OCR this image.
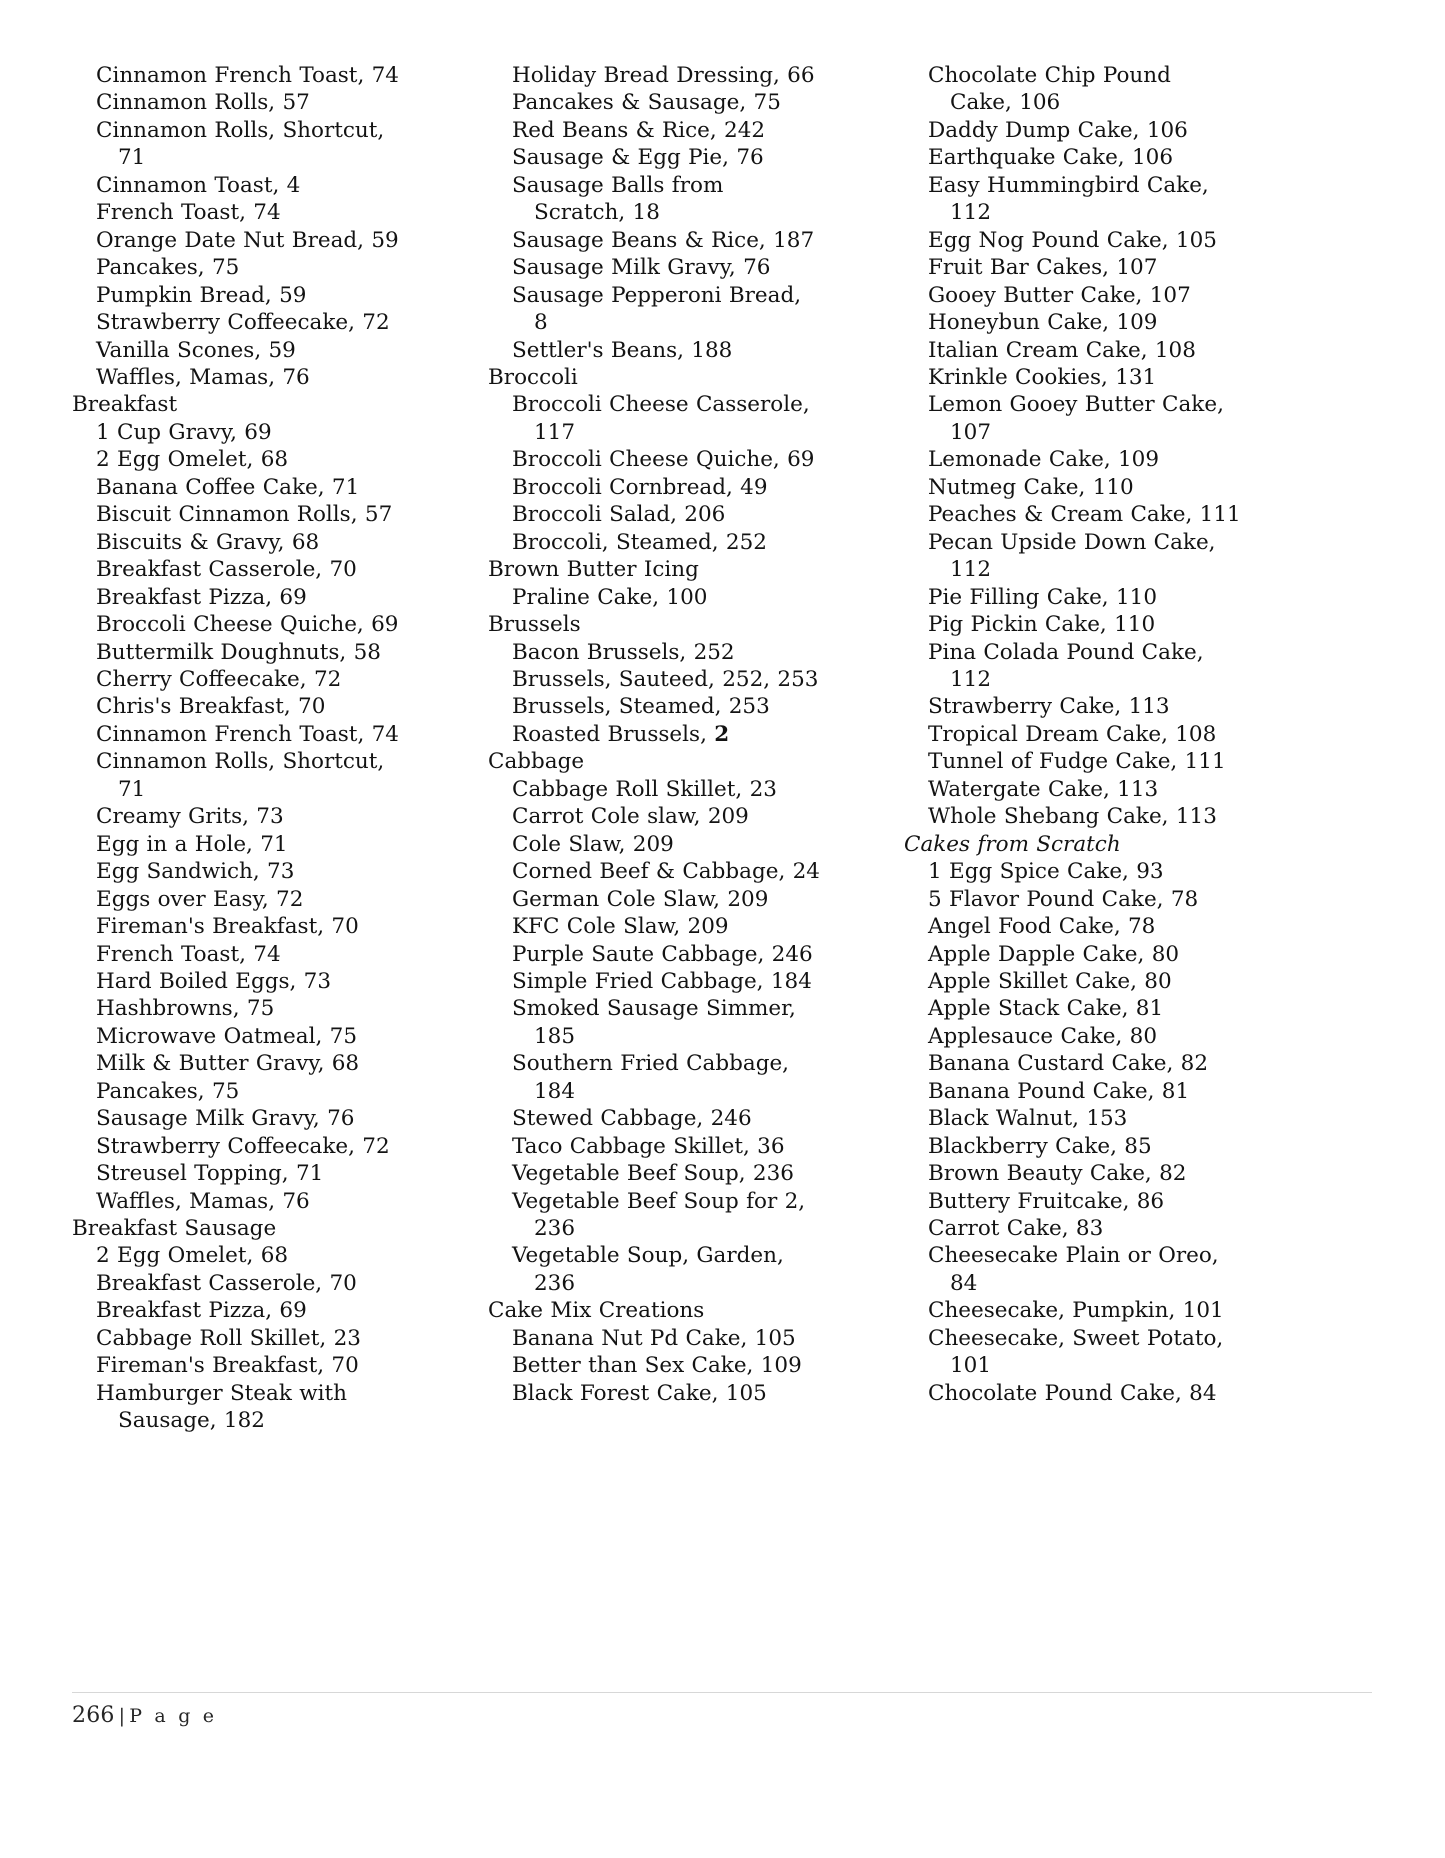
Cinnamon French Toast, 74
Cinnamon Rolls, 57
Cinnamon Rolls, Shortcut,
71
Cinnamon Toast, 4
French Toast, 74
Orange Date Nut Bread, 59
Pancakes, 75
Pumpkin Bread, 59
Strawberry Coffeecake, 72
Vanilla Scones, 59
Waffles, Mamas, 76
Breakfast
1 Cup Gravy, 69
2 Egg Omelet, 68
Banana Coffee Cake, 71
Biscuit Cinnamon Rolls, 57
Biscuits & Gravy, 68
Breakfast Casserole, 70
Breakfast Pizza, 69
Broccoli Cheese Quiche, 69
Buttermilk Doughnuts, 58
Cherry Coffeecake, 72
Chris's Breakfast, 70
Cinnamon French Toast, 74
Cinnamon Rolls, Shortcut,
71
Creamy Grits, 73
Egg in a Hole, 71
Egg Sandwich, 73
Eggs over Easy, 72
Fireman's Breakfast, 70
French Toast, 74
Hard Boiled Eggs, 73
Hashbrowns, 75
Microwave Oatmeal, 75
Milk & Butter Gravy, 68
Pancakes, 75
Sausage Milk Gravy, 76
Strawberry Coffeecake, 72
Streusel Topping, 71
Waffles, Mamas, 76
Breakfast Sausage
2 Egg Omelet, 68
Breakfast Casserole, 70
Breakfast Pizza, 69
Cabbage Roll Skillet, 23
Fireman's Breakfast, 70
Hamburger Steak with
Sausage, 182
Holiday Bread Dressing, 66
Pancakes & Sausage, 75
Red Beans & Rice, 242
Sausage & Egg Pie, 76
Sausage Balls from
Scratch, 18
Sausage Beans & Rice, 187
Sausage Milk Gravy, 76
Sausage Pepperoni Bread,
8
Settler's Beans, 188
Broccoli
Broccoli Cheese Casserole,
117
Broccoli Cheese Quiche, 69
Broccoli Cornbread, 49
Broccoli Salad, 206
Broccoli, Steamed, 252
Brown Butter Icing
Praline Cake, 100
Brussels
Bacon Brussels, 252
Brussels, Sauteed, 252, 253
Brussels, Steamed, 253
Roasted Brussels, 2
Cabbage
Cabbage Roll Skillet, 23
Carrot Cole slaw, 209
Cole Slaw, 209
Corned Beef & Cabbage, 24
German Cole Slaw, 209
KFC Cole Slaw, 209
Purple Saute Cabbage, 246
Simple Fried Cabbage, 184
Smoked Sausage Simmer,
185
Southern Fried Cabbage,
184
Stewed Cabbage, 246
Taco Cabbage Skillet, 36
Vegetable Beef Soup, 236
Vegetable Beef Soup for 2,
236
Vegetable Soup, Garden,
236
Cake Mix Creations
Banana Nut Pd Cake, 105
Better than Sex Cake, 109
Black Forest Cake, 105
Chocolate Chip Pound
Cake, 106
Daddy Dump Cake, 106
Earthquake Cake, 106
Easy Hummingbird Cake,
112
Egg Nog Pound Cake, 105
Fruit Bar Cakes, 107
Gooey Butter Cake, 107
Honeybun Cake, 109
Italian Cream Cake, 108
Krinkle Cookies, 131
Lemon Gooey Butter Cake,
107
Lemonade Cake, 109
Nutmeg Cake, 110
Peaches & Cream Cake, 111
Pecan Upside Down Cake,
112
Pie Filling Cake, 110
Pig Pickin Cake, 110
Pina Colada Pound Cake,
112
Strawberry Cake, 113
Tropical Dream Cake, 108
Tunnel of Fudge Cake, 111
Watergate Cake, 113
Whole Shebang Cake, 113
Cakes from Scratch
1 Egg Spice Cake, 93
5 Flavor Pound Cake, 78
Angel Food Cake, 78
Apple Dapple Cake, 80
Apple Skillet Cake, 80
Apple Stack Cake, 81
Applesauce Cake, 80
Banana Custard Cake, 82
Banana Pound Cake, 81
Black Walnut, 153
Blackberry Cake, 85
Brown Beauty Cake, 82
Buttery Fruitcake, 86
Carrot Cake, 83
Cheesecake Plain or Oreo,
84
Cheesecake, Pumpkin, 101
Cheesecake, Sweet Potato,
101
Chocolate Pound Cake, 84
266 | P a g e
